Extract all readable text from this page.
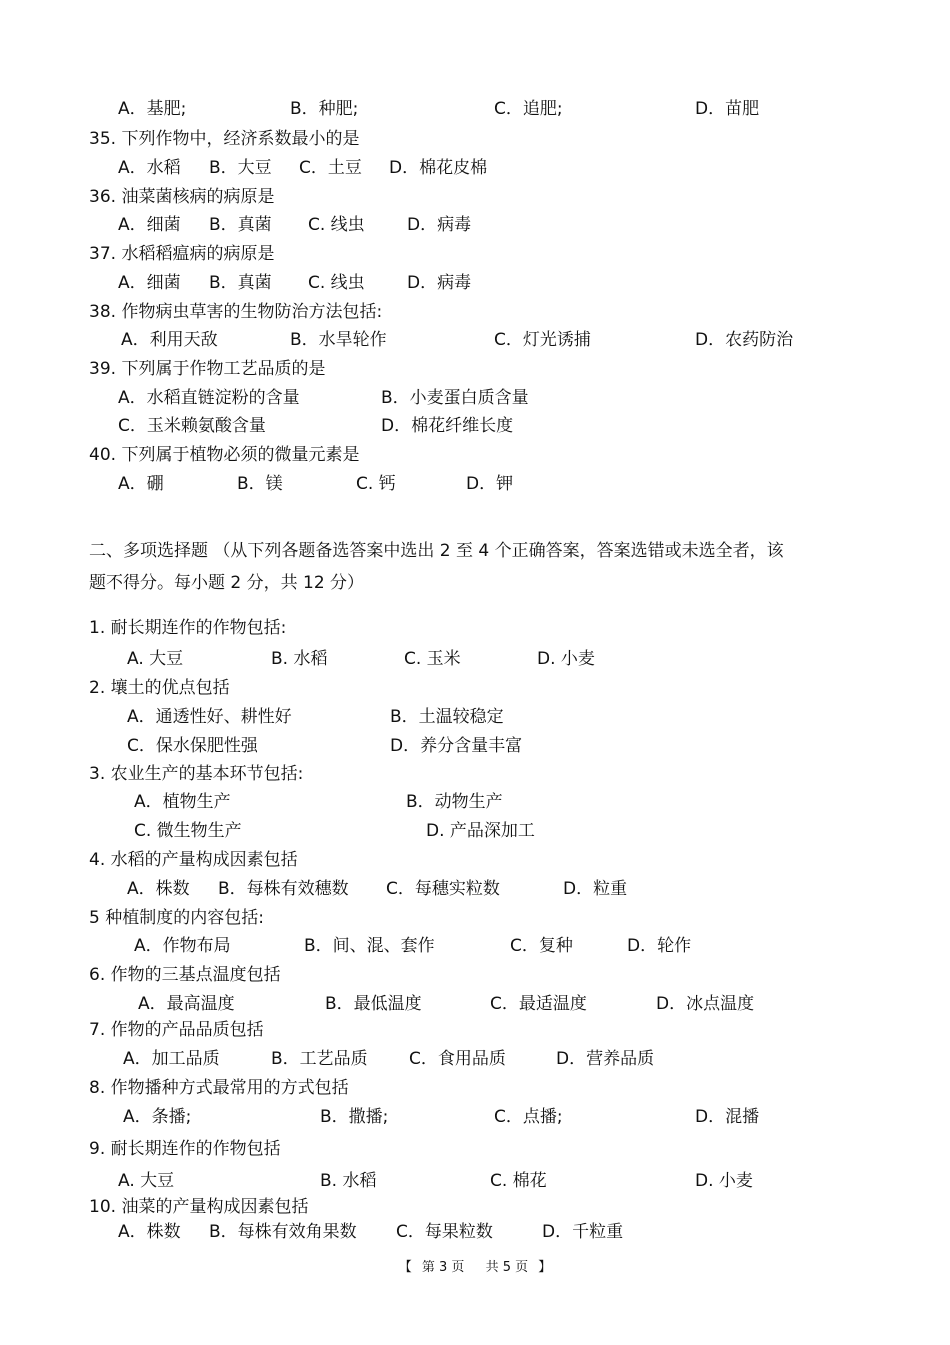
A．基肥;	B．种肥;	C．追肥;	D．苗肥
35. 下列作物中，经济系数最小的是
A．水稻 B．大豆 C．土豆 D．棉花皮棉
36. 油菜菌核病的病原是
A．细菌 B．真菌 C. 线虫 D．病毒
37. 水稻稻瘟病的病原是
A．细菌 B．真菌 C. 线虫 D．病毒
38. 作物病虫草害的生物防治方法包括:
A．利用天敌	B．水旱轮作	C．灯光诱捕	D．农药防治
39. 下列属于作物工艺品质的是
A．水稻直链淀粉的含量	B．小麦蛋白质含量
C．玉米赖氨酸含量	D．棉花纤维长度
40. 下列属于植物必须的微量元素是
A．硼	B．镁	C. 钙	D．钾
二、多项选择题 （从下列各题备选答案中选出 2 至 4 个正确答案，答案选错或未选全者，该
题不得分。每小题 2 分，共 12 分）
1. 耐长期连作的作物包括:
A. 大豆	B. 水稻	C. 玉米	D. 小麦
2. 壤土的优点包括
A．通透性好、耕性好	B．土温较稳定
C．保水保肥性强	D．养分含量丰富
3. 农业生产的基本环节包括:
A．植物生产	B．动物生产
C. 微生物生产	D. 产品深加工
4. 水稻的产量构成因素包括
A．株数 B．每株有效穗数 C．每穗实粒数	D．粒重
5 种植制度的内容包括:
A．作物布局	B．间、混、套作	C．复种	D．轮作
6. 作物的三基点温度包括
A．最高温度	B．最低温度	C．最适温度	D．冰点温度
7. 作物的产品品质包括
A．加工品质	B．工艺品质 C．食用品质	D．营养品质
8. 作物播种方式最常用的方式包括
A．条播;	B．撒播;	C．点播;	D．混播
9. 耐长期连作的作物包括
A. 大豆	B. 水稻	C. 棉花	D. 小麦
10. 油菜的产量构成因素包括
A．株数 B．每株有效角果数 C．每果粒数	D．千粒重
【 第 3 页 共 5 页 】
